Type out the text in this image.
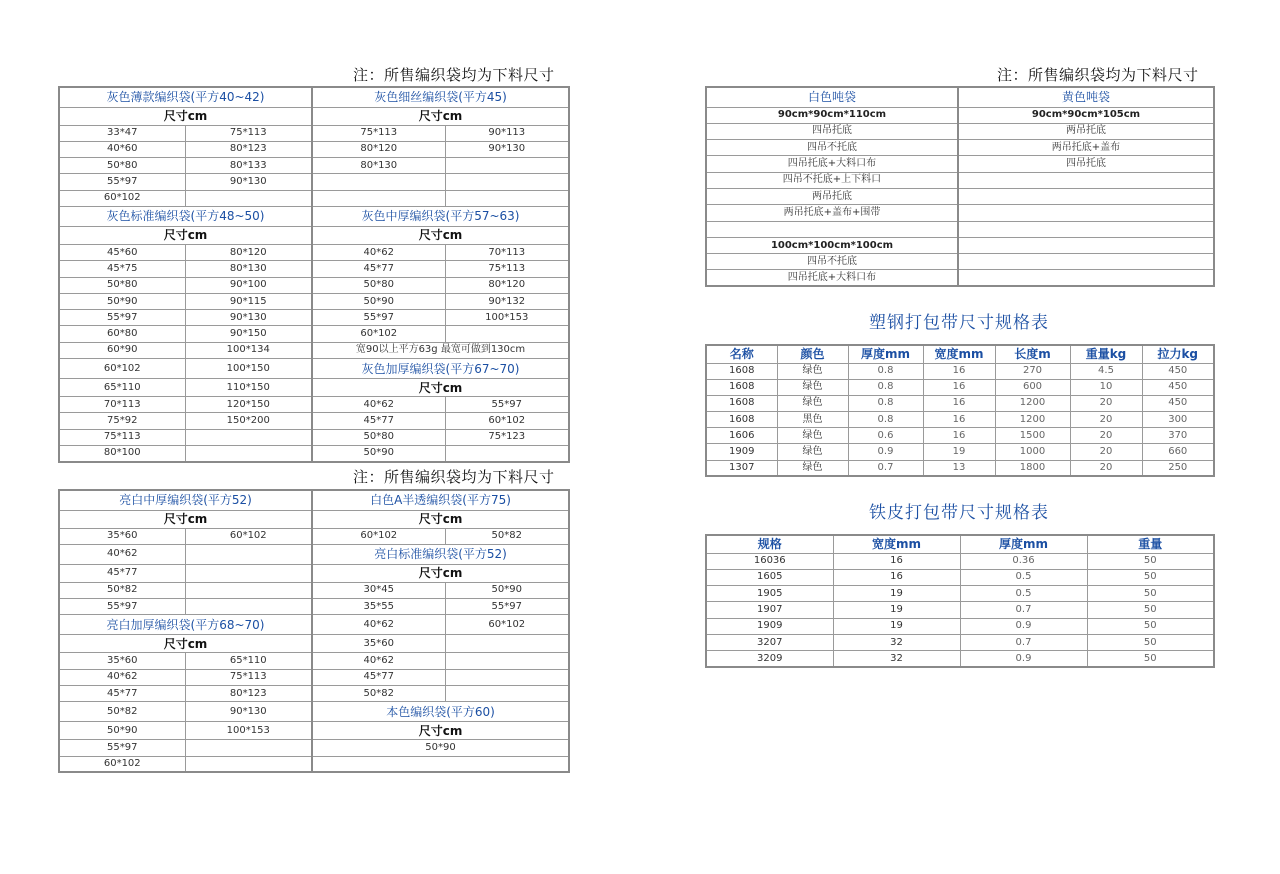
注：所售编织袋均为下料尺寸
注：所售编织袋均为下料尺寸
注：所售编织袋均为下料尺寸
灰色薄款编织袋(平方40~42)		灰色细丝编织袋(平方45)	
尺寸cm		尺寸cm	
33*47	75*113	75*113	90*113
40*60	80*123	80*120	90*130
50*80	80*133	80*130	
55*97	90*130		
60*102			
灰色标准编织袋(平方48~50)		灰色中厚编织袋(平方57~63)	
尺寸cm		尺寸cm	
45*60	80*120	40*62	70*113
45*75	80*130	45*77	75*113
50*80	90*100	50*80	80*120
50*90	90*115	50*90	90*132
55*97	90*130	55*97	100*153
60*80	90*150	60*102	
60*90	100*134	宽90以上平方63g 最宽可做到130cm	
60*102	100*150	灰色加厚编织袋(平方67~70)	
65*110	110*150	尺寸cm	
70*113	120*150	40*62	55*97
75*92	150*200	45*77	60*102
75*113		50*80	75*123
80*100		50*90	
亮白中厚编织袋(平方52)		白色A半透编织袋(平方75)	
尺寸cm		尺寸cm	
35*60	60*102	60*102	50*82
40*62		亮白标准编织袋(平方52)	
45*77		尺寸cm	
50*82		30*45	50*90
55*97		35*55	55*97
亮白加厚编织袋(平方68~70)		40*62	60*102
尺寸cm		35*60	
35*60	65*110	40*62	
40*62	75*113	45*77	
45*77	80*123	50*82	
50*82	90*130	本色编织袋(平方60)	
50*90	100*153	尺寸cm	
55*97		50*90	
60*102			
白色吨袋	黄色吨袋
90cm*90cm*110cm	90cm*90cm*105cm
四吊托底	两吊托底
四吊不托底	两吊托底+盖布
四吊托底+大料口布	四吊托底
四吊不托底+上下料口	
两吊托底	
两吊托底+盖布+围带	

100cm*100cm*100cm	
四吊不托底	
四吊托底+大料口布	
塑钢打包带尺寸规格表
名称	颜色	厚度mm	宽度mm	长度m	重量kg	拉力kg
1608	绿色	0.8	16	270	4.5	450
1608	绿色	0.8	16	600	10	450
1608	绿色	0.8	16	1200	20	450
1608	黑色	0.8	16	1200	20	300
1606	绿色	0.6	16	1500	20	370
1909	绿色	0.9	19	1000	20	660
1307	绿色	0.7	13	1800	20	250
铁皮打包带尺寸规格表
规格	宽度mm	厚度mm	重量
16036	16	0.36	50
1605	16	0.5	50
1905	19	0.5	50
1907	19	0.7	50
1909	19	0.9	50
3207	32	0.7	50
3209	32	0.9	50
